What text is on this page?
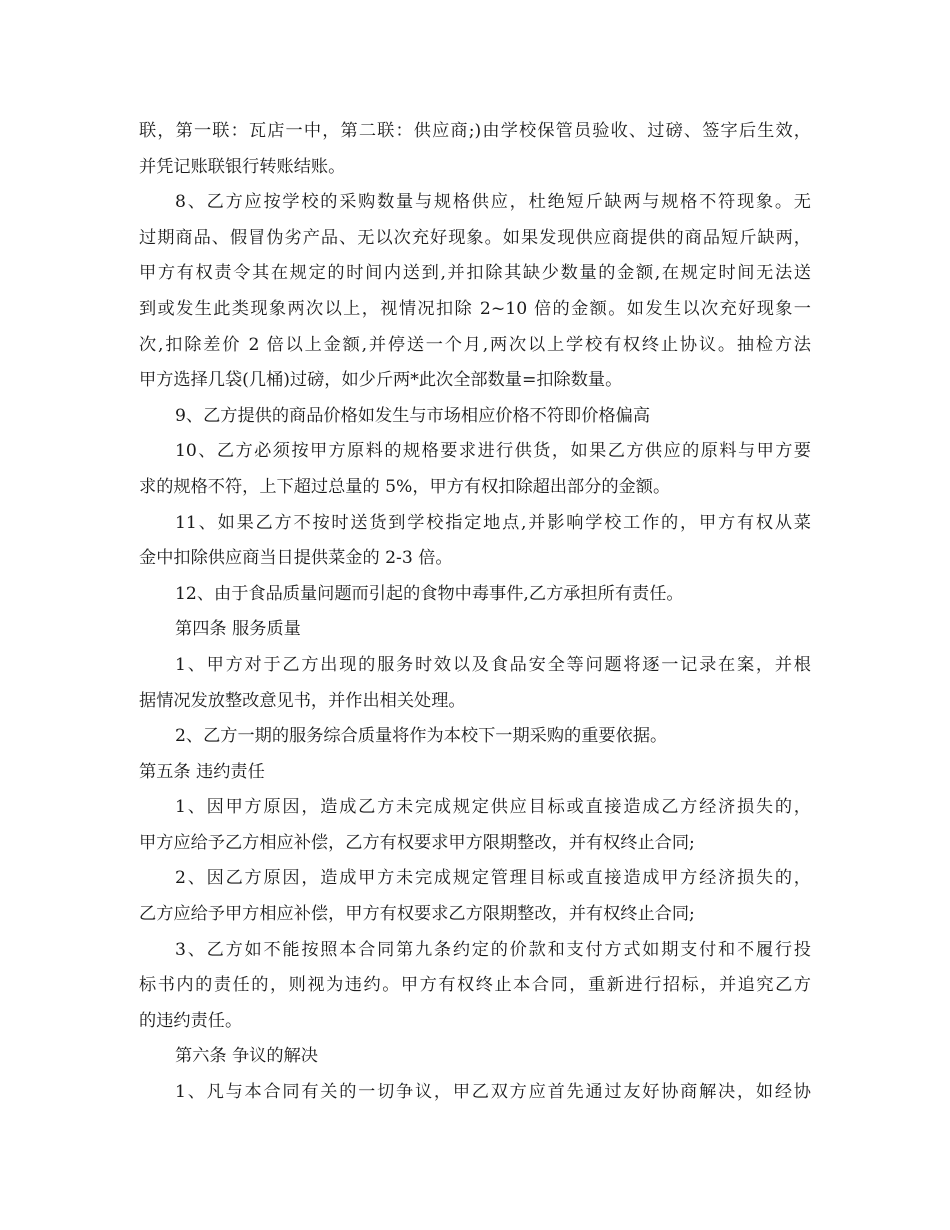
联，第一联：瓦店一中，第二联：供应商;)由学校保管员验收、过磅、签字后生效，
并凭记账联银行转账结账。
8、乙方应按学校的采购数量与规格供应，杜绝短斤缺两与规格不符现象。无
过期商品、假冒伪劣产品、无以次充好现象。如果发现供应商提供的商品短斤缺两，
甲方有权责令其在规定的时间内送到,并扣除其缺少数量的金额,在规定时间无法送
到或发生此类现象两次以上，视情况扣除 2~10 倍的金额。如发生以次充好现象一
次,扣除差价 2 倍以上金额,并停送一个月,两次以上学校有权终止协议。抽检方法
甲方选择几袋(几桶)过磅，如少斤两*此次全部数量=扣除数量。
9、乙方提供的商品价格如发生与市场相应价格不符即价格偏高
10、乙方必须按甲方原料的规格要求进行供货，如果乙方供应的原料与甲方要
求的规格不符，上下超过总量的 5%，甲方有权扣除超出部分的金额。
11、如果乙方不按时送货到学校指定地点,并影响学校工作的，甲方有权从菜
金中扣除供应商当日提供菜金的 2-3 倍。
12、由于食品质量问题而引起的食物中毒事件,乙方承担所有责任。
第四条 服务质量
1、甲方对于乙方出现的服务时效以及食品安全等问题将逐一记录在案，并根
据情况发放整改意见书，并作出相关处理。
2、乙方一期的服务综合质量将作为本校下一期采购的重要依据。
第五条 违约责任
1、因甲方原因，造成乙方未完成规定供应目标或直接造成乙方经济损失的，
甲方应给予乙方相应补偿，乙方有权要求甲方限期整改，并有权终止合同;
2、因乙方原因，造成甲方未完成规定管理目标或直接造成甲方经济损失的，
乙方应给予甲方相应补偿，甲方有权要求乙方限期整改，并有权终止合同;
3、乙方如不能按照本合同第九条约定的价款和支付方式如期支付和不履行投
标书内的责任的，则视为违约。甲方有权终止本合同，重新进行招标，并追究乙方
的违约责任。
第六条 争议的解决
1、凡与本合同有关的一切争议，甲乙双方应首先通过友好协商解决，如经协
